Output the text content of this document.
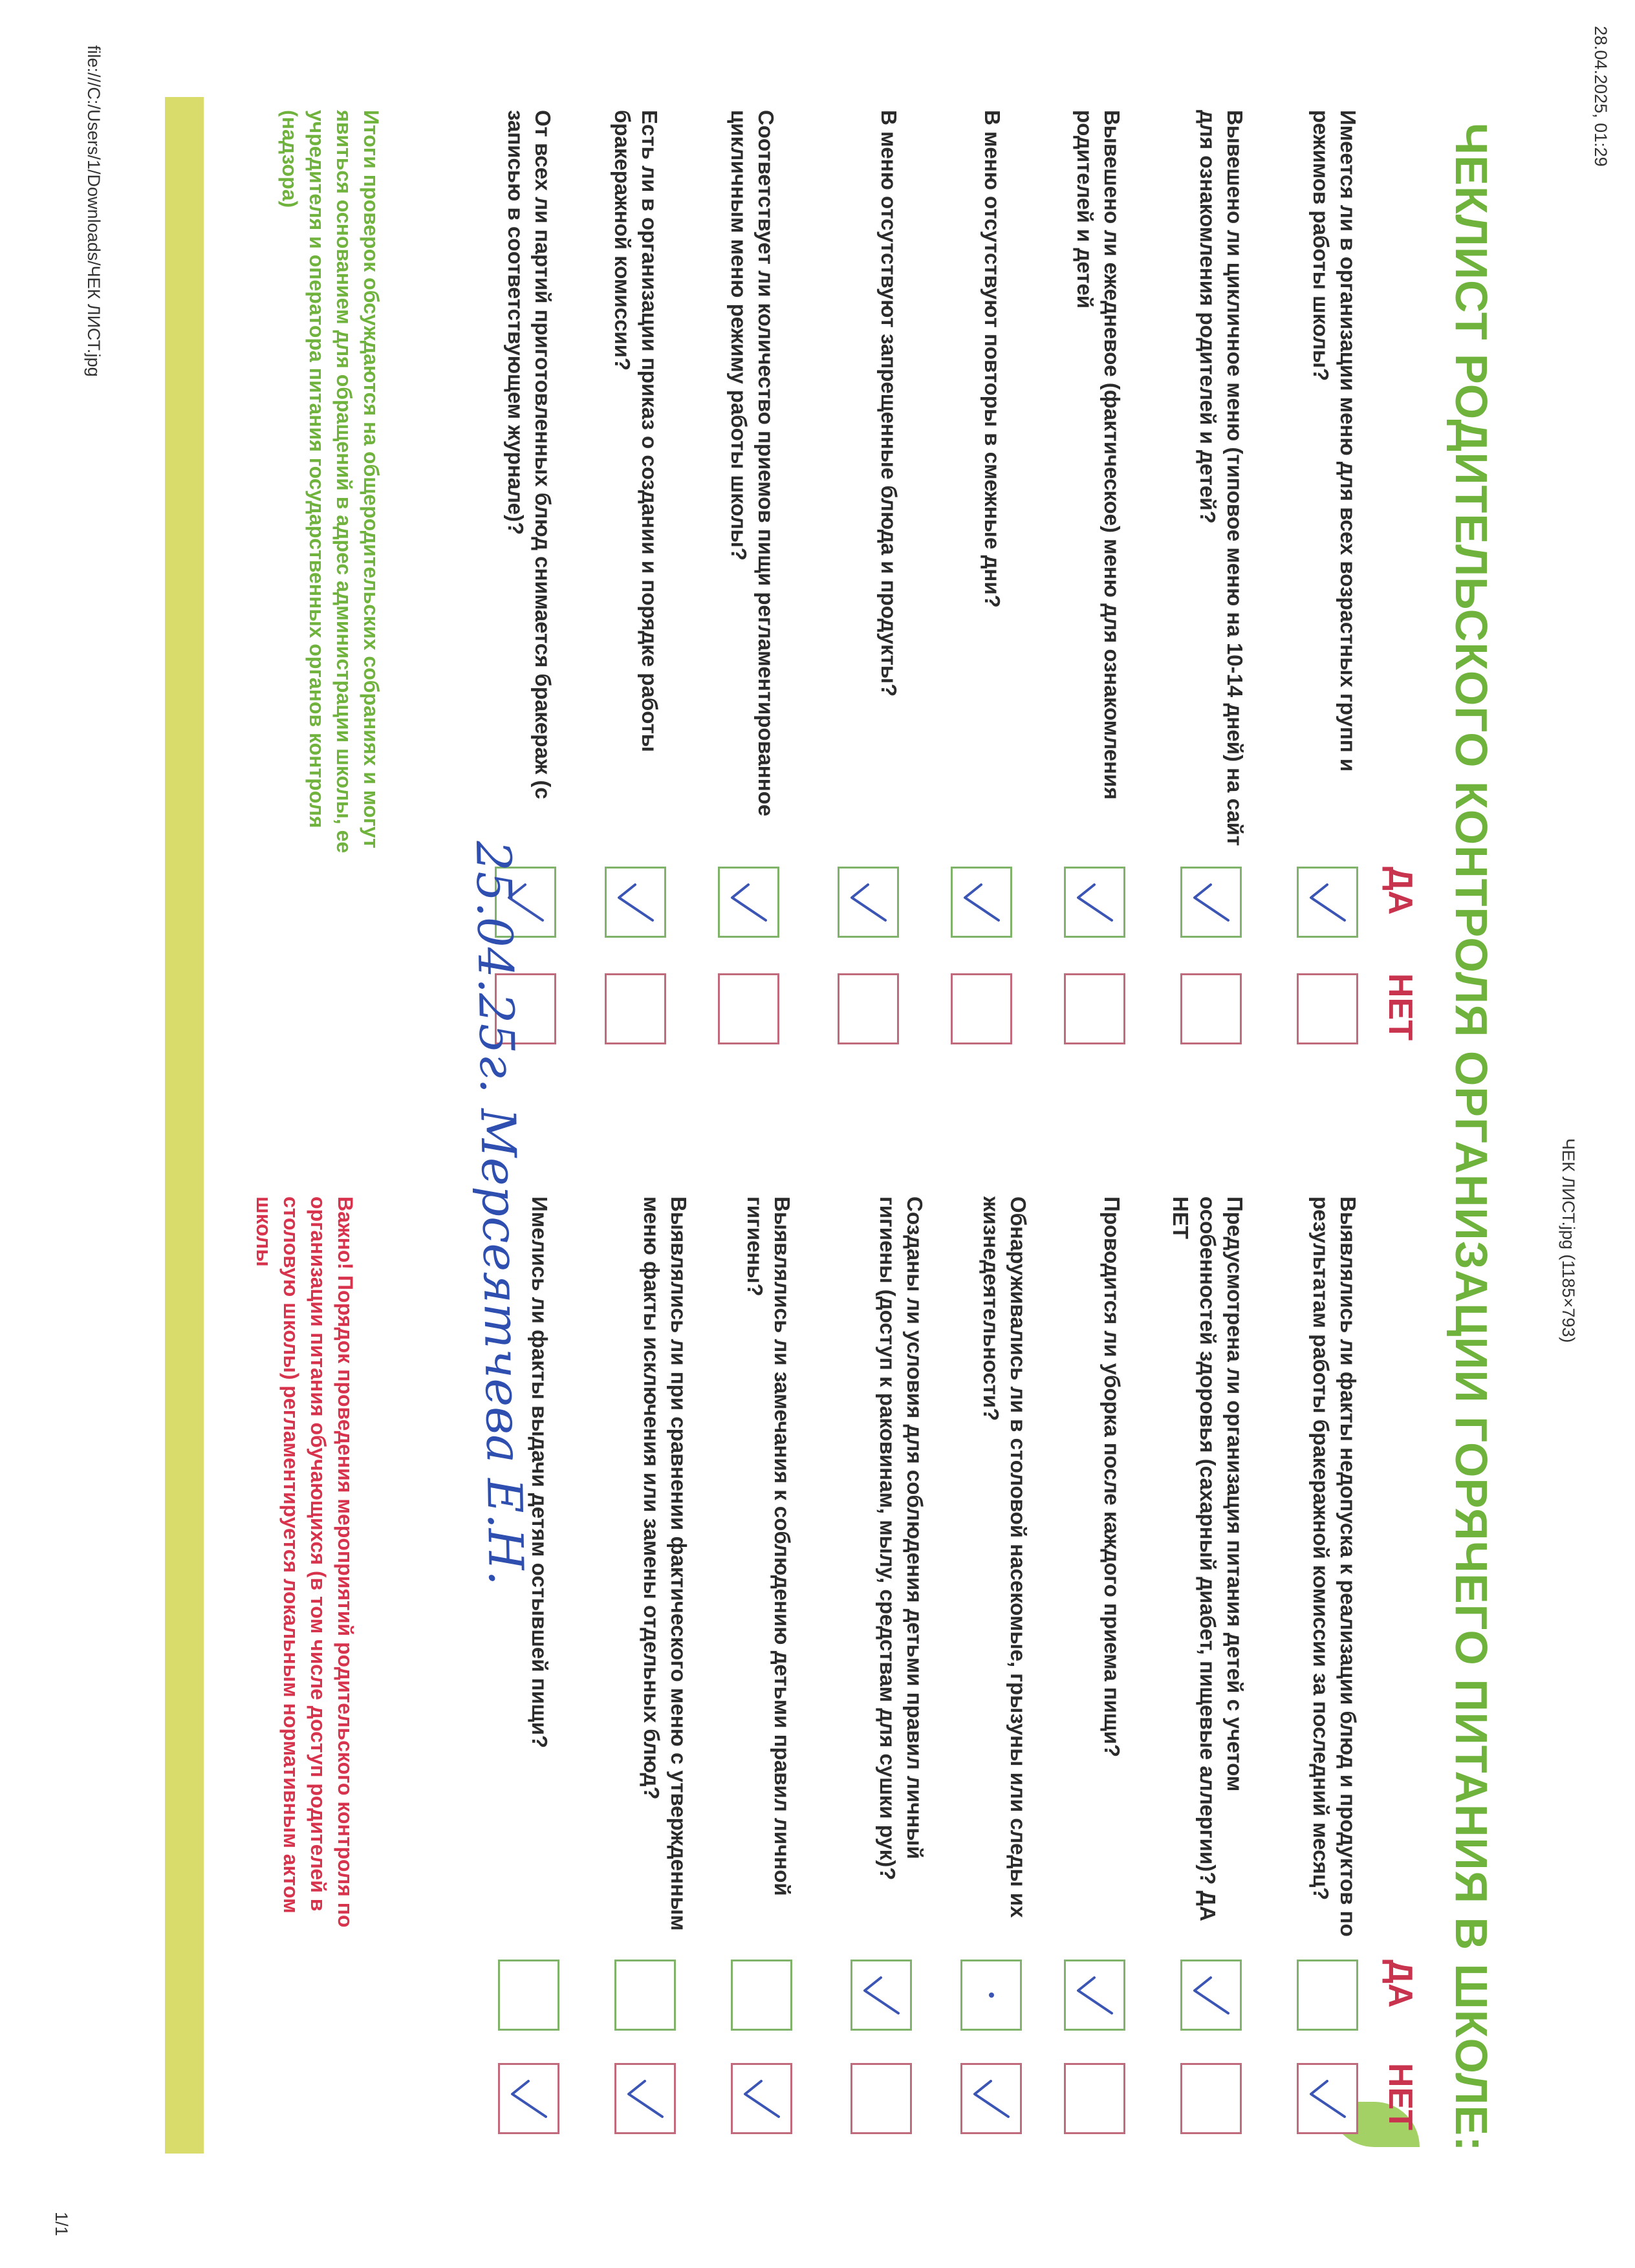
28.04.2025, 01:29
ЧЕК ЛИСТ.jpg (1185×793)
file:///C:/Users/1/Downloads/ЧЕК ЛИСТ.jpg
1/1
ЧЕКЛИСТ РОДИТЕЛЬСКОГО КОНТРОЛЯ ОРГАНИЗАЦИИ ГОРЯЧЕГО ПИТАНИЯ В ШКОЛЕ:
ДА
НЕТ
ДА
НЕТ
Имеется ли в организации меню для всех возрастных групп и режимов работы школы?
Вывешено ли цикличное меню (типовое меню на 10-14 дней) на сайт для ознакомления родителей и детей?
Вывешено ли ежедневое (фактическое) меню для ознакомления родителей и детей
В меню отсутствуют повторы в смежные дни?
В меню отсутствуют запрещенные блюда и продукты?
Соответствует ли количество приемов пищи регламентированное цикличным меню режиму работы школы?
Есть ли в организации приказ о создании и порядке работы бракеражной комиссии?
От всех ли партий приготовленных блюд снимается бракераж (с записью в соответствующем журнале)?
Выявлялись ли факты недопуска к реализации блюд и продуктов по результатам работы бракеражной комиссии за последний месяц?
Предусмотрена ли организация питания детей с учетом особенностей здоровья (сахарный диабет, пищевые аллергии)? ДА НЕТ
Проводится ли уборка после каждого приема пищи?
Обнаруживались ли в столовой насекомые, грызуны или следы их жизнедеятельности?
Созданы ли условия для соблюдения детьми правил личный гигиены (доступ к раковинам, мылу, средствам для сушки рук)?
Выявлялись ли замечания к соблюдению детьми правил личной гигиены?
Выявлялись ли при сравнении фактического меню с утвержденным меню факты исключения или замены отдельных блюд?
Имелись ли факты выдачи детям остывшей пищи?
25.04.25г. Мерсеятчева Е.Н.
Итоги проверок обсуждаются на общеродительских собраниях и могут явиться основанием для обращений в адрес администрации школы, ее учредителя и оператора питания государственных органов контроля (надзора)
Важно! Порядок проведения мероприятий родительского контроля по организации питания обучающихся (в том числе доступ родителей в столовую школы) регламентируется локальным нормативным актом школы
